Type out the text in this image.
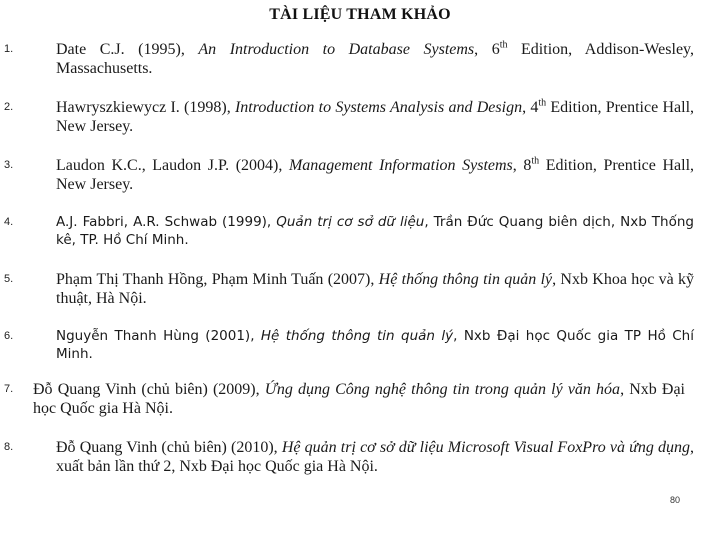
TÀI LIỆU THAM KHẢO
1.	Date C.J. (1995), An Introduction to Database Systems, 6th Edition, Addison-Wesley, Massachusetts.
2.	Hawryszkiewycz I. (1998), Introduction to Systems Analysis and Design, 4th Edition, Prentice Hall, New Jersey.
3.	Laudon K.C., Laudon J.P. (2004), Management Information Systems, 8th Edition, Prentice Hall, New Jersey.
4.	A.J. Fabbri, A.R. Schwab (1999), Quản trị cơ sở dữ liệu, Trần Đức Quang biên dịch, Nxb Thống kê, TP. Hồ Chí Minh.
5.	Phạm Thị Thanh Hồng, Phạm Minh Tuấn (2007), Hệ thống thông tin quản lý, Nxb Khoa học và kỹ thuật, Hà Nội.
6.	Nguyễn Thanh Hùng (2001), Hệ thống thông tin quản lý, Nxb Đại học Quốc gia TP Hồ Chí Minh.
7. Đỗ Quang Vinh (chủ biên) (2009), Ứng dụng Công nghệ thông tin trong quản lý văn hóa, Nxb Đại học Quốc gia Hà Nội.
8.	Đỗ Quang Vinh (chủ biên) (2010), Hệ quản trị cơ sở dữ liệu Microsoft Visual FoxPro và ứng dụng, xuất bản lần thứ 2, Nxb Đại học Quốc gia Hà Nội.
80
